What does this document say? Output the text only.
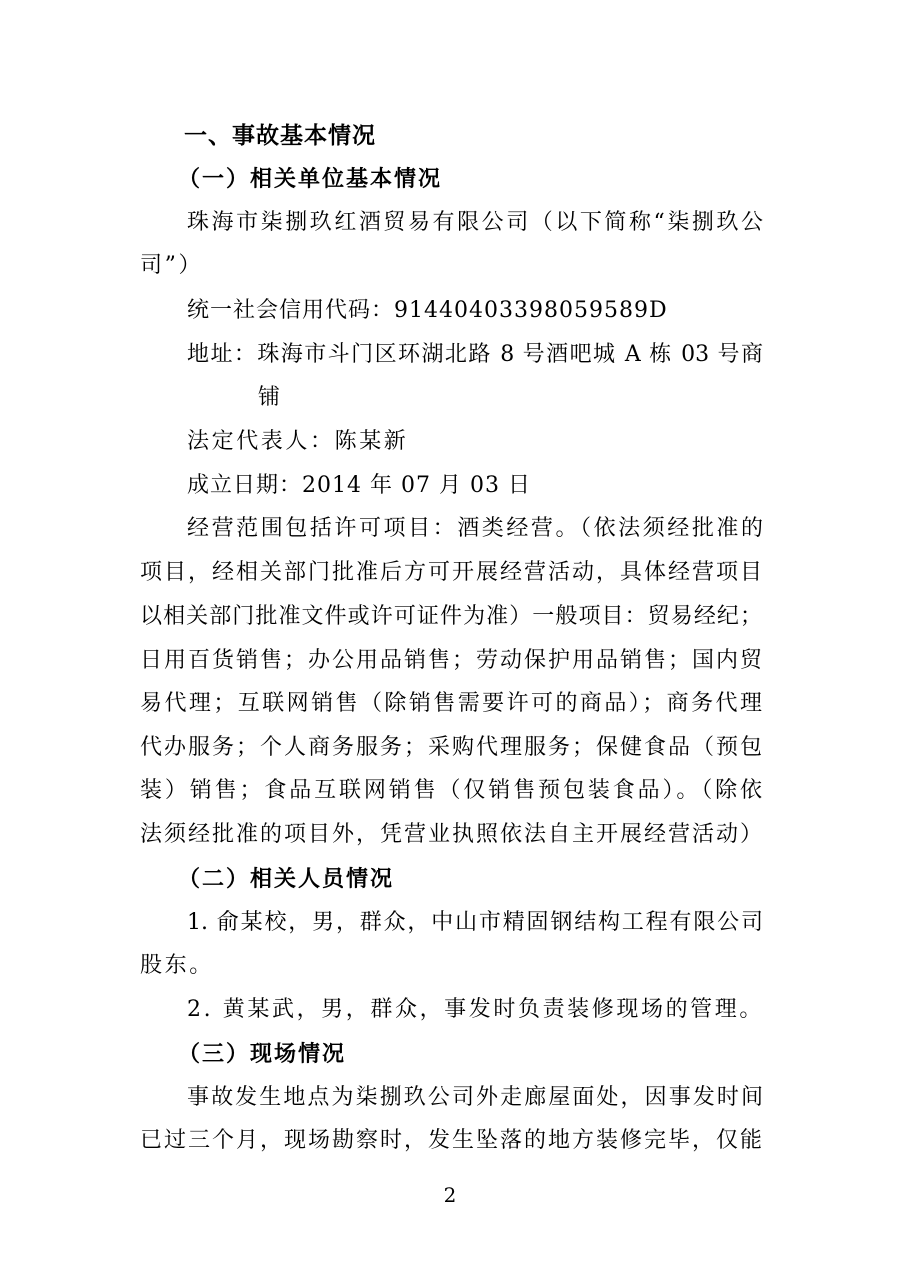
一、事故基本情况
（一）相关单位基本情况
珠海市柒捌玖红酒贸易有限公司（以下简称“柒捌玖公
司”）
统一社会信用代码：91440403398059589D
地址：珠海市斗门区环湖北路 8 号酒吧城 A 栋 03 号商
铺
法定代表人：陈某新
成立日期：2014 年 07 月 03 日
经营范围包括许可项目：酒类经营。（依法须经批准的
项目，经相关部门批准后方可开展经营活动，具体经营项目
以相关部门批准文件或许可证件为准）一般项目：贸易经纪；
日用百货销售；办公用品销售；劳动保护用品销售；国内贸
易代理；互联网销售（除销售需要许可的商品）；商务代理
代办服务；个人商务服务；采购代理服务；保健食品（预包
装）销售；食品互联网销售（仅销售预包装食品）。（除依
法须经批准的项目外，凭营业执照依法自主开展经营活动）
（二）相关人员情况
1. 俞某校，男，群众，中山市精固钢结构工程有限公司
股东。
2. 黄某武，男，群众，事发时负责装修现场的管理。
（三）现场情况
事故发生地点为柒捌玖公司外走廊屋面处，因事发时间
已过三个月，现场勘察时，发生坠落的地方装修完毕，仅能
2
